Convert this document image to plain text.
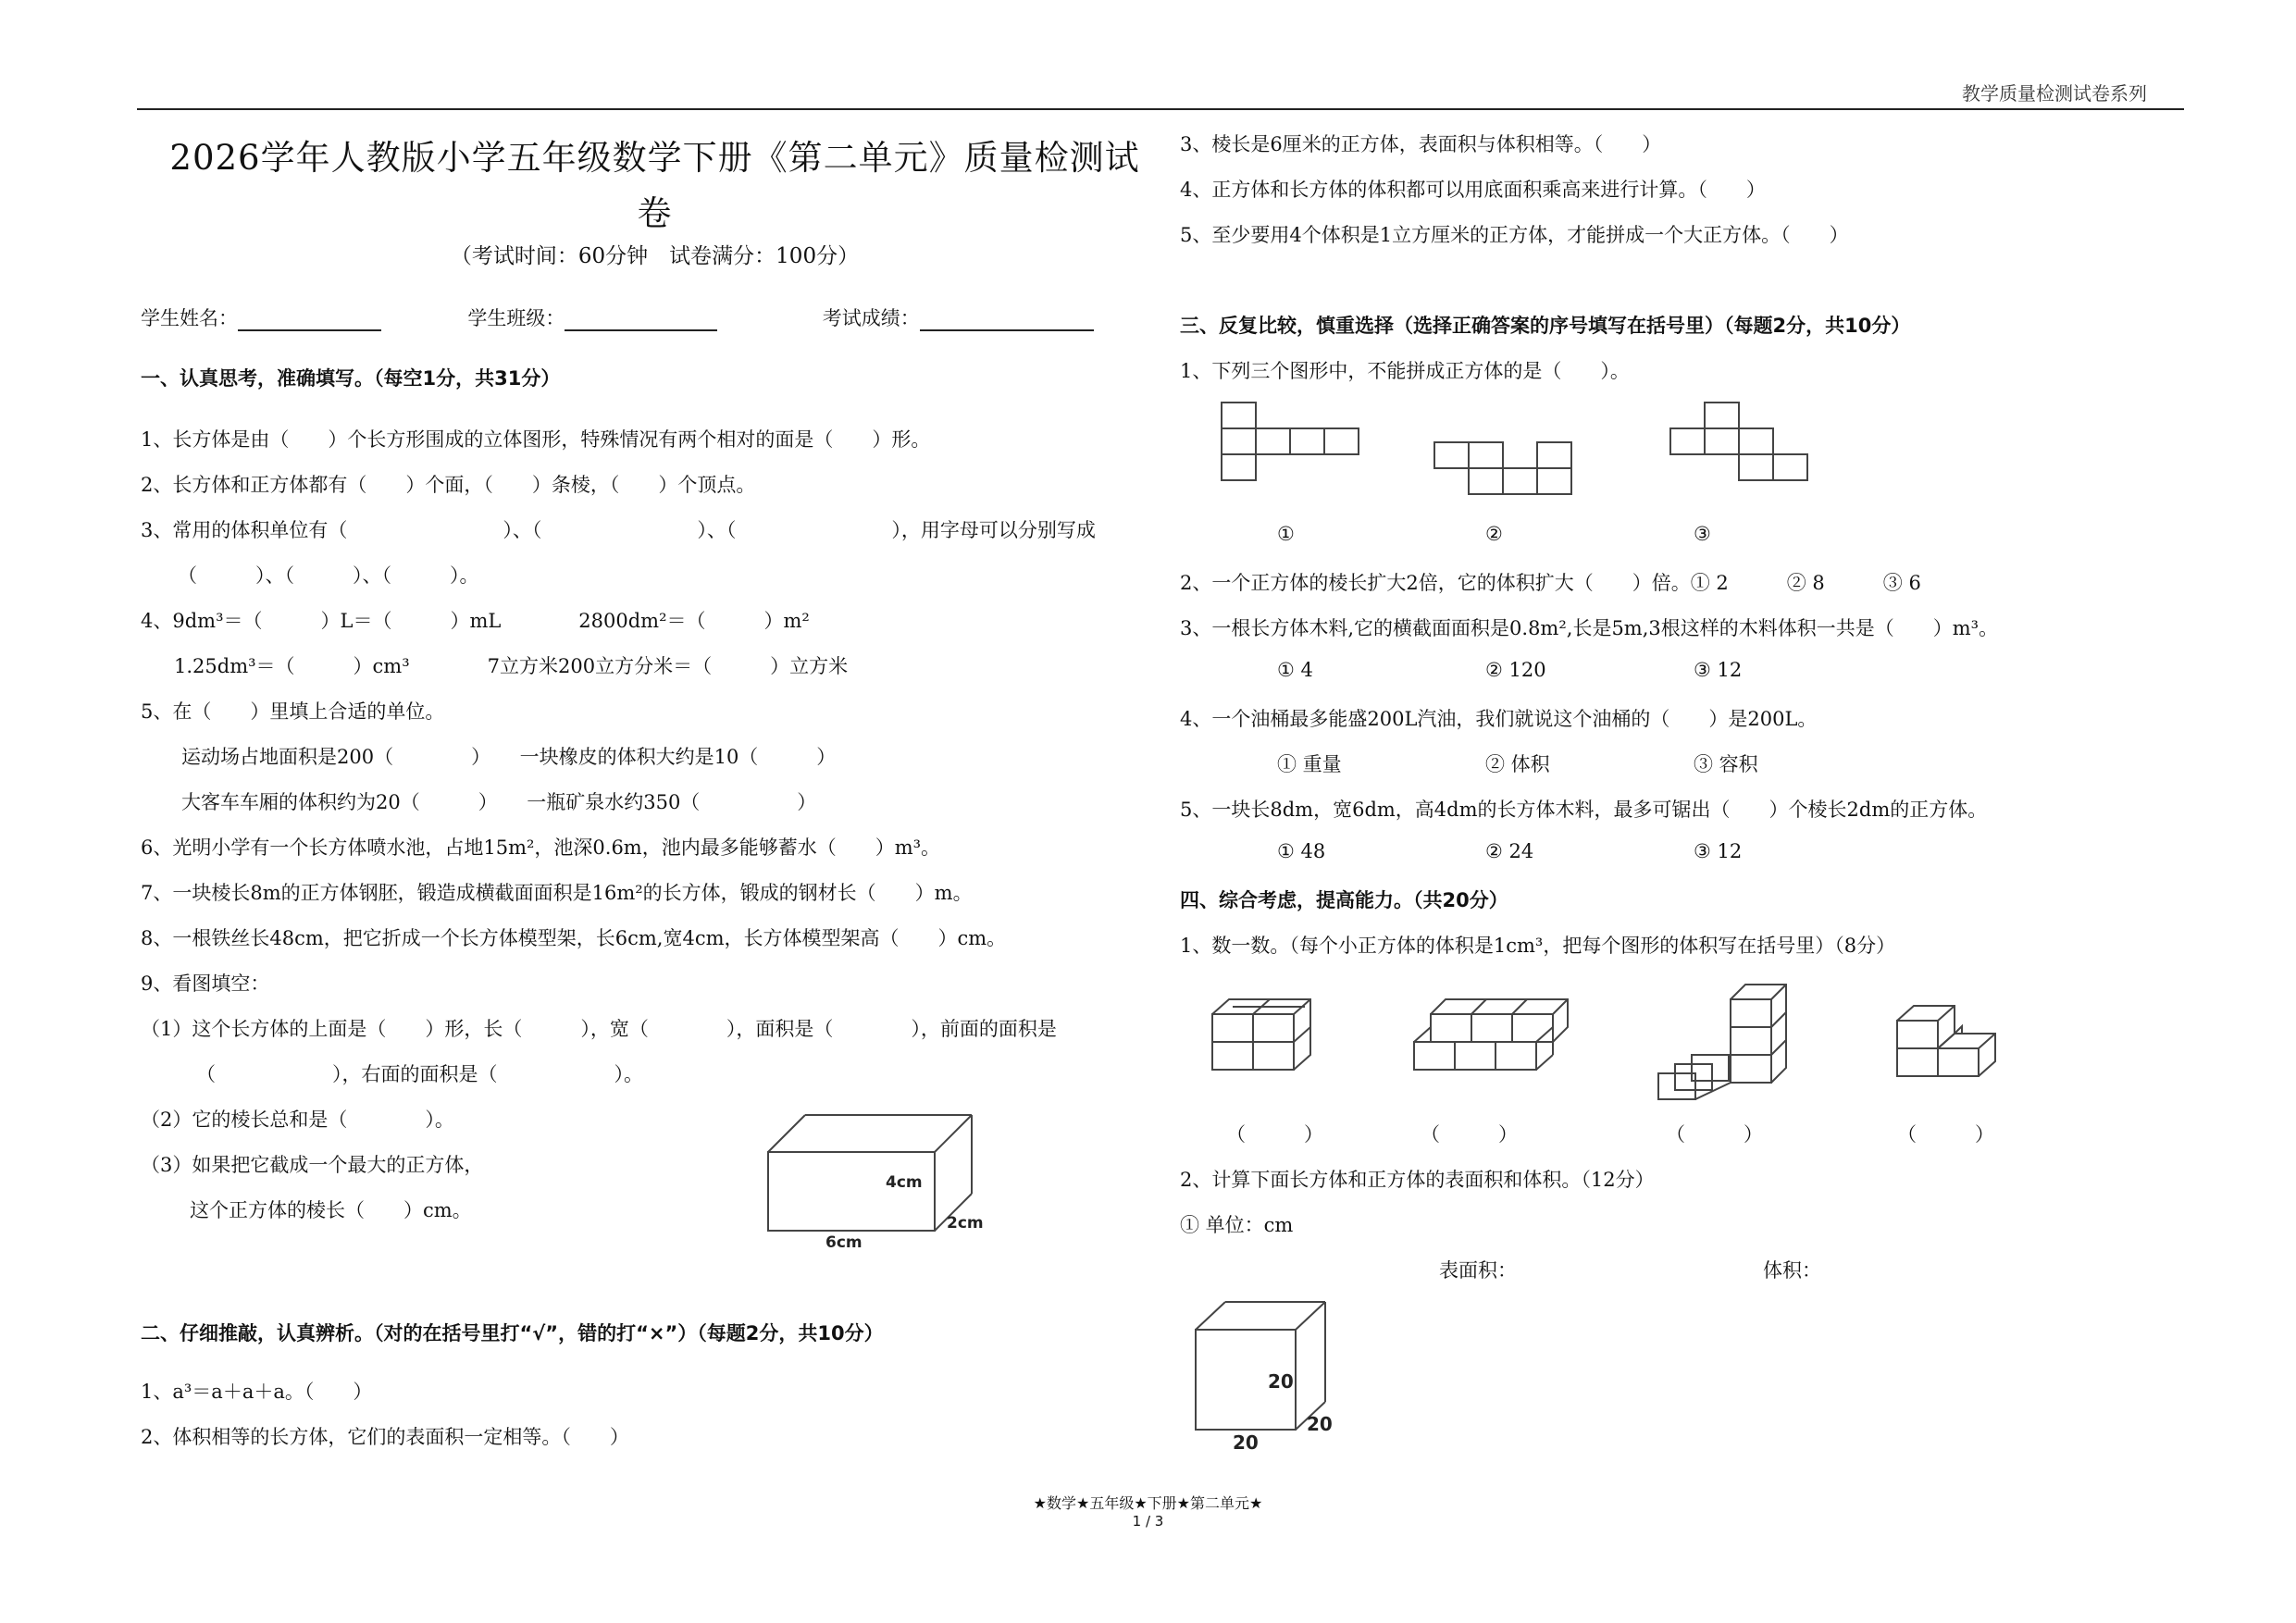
教学质量检测试卷系列
2026学年人教版小学五年级数学下册《第二单元》质量检测试
卷
（考试时间：60分钟　试卷满分：100分）
学生姓名：	学生班级：	考试成绩：
一、认真思考，准确填写。（每空1分，共31分）
1、长方体是由（　　）个长方形围成的立体图形，特殊情况有两个相对的面是（　　）形。
2、长方体和正方体都有（　　）个面，（　　）条棱，（　　）个顶点。
3、常用的体积单位有（　　　　　　　　）、（　　　　　　　　）、（　　　　　　　　），用字母可以分别写成
（　　　）、（　　　）、（　　　）。
4、9dm³＝（　　　）L＝（　　　）mL　　　　2800dm²＝（　　　）m²
1.25dm³＝（　　　）cm³　　　　7立方米200立方分米＝（　　　）立方米
5、在（　　）里填上合适的单位。
运动场占地面积是200（　　　　）　　一块橡皮的体积大约是10（　　　）
大客车车厢的体积约为20（　　　）　　一瓶矿泉水约350（　　　　　）
6、光明小学有一个长方体喷水池，占地15m²，池深0.6m，池内最多能够蓄水（　　）m³。
7、一块棱长8m的正方体钢胚，锻造成横截面面积是16m²的长方体，锻成的钢材长（　　）m。
8、一根铁丝长48cm，把它折成一个长方体模型架，长6cm,宽4cm，长方体模型架高（　　）cm。
9、看图填空：
（1）这个长方体的上面是（　　）形，长（　　　），宽（　　　　），面积是（　　　　），前面的面积是
（　　　　　　），右面的面积是（　　　　　　）。
（2）它的棱长总和是（　　　　）。
（3）如果把它截成一个最大的正方体，
这个正方体的棱长（　　）cm。
4cm
2cm
6cm
二、仔细推敲，认真辨析。（对的在括号里打“√”，错的打“×”）（每题2分，共10分）
1、a³＝a＋a＋a。（　　）
2、体积相等的长方体，它们的表面积一定相等。（　　）
3、棱长是6厘米的正方体，表面积与体积相等。（　　）
4、正方体和长方体的体积都可以用底面积乘高来进行计算。（　　）
5、至少要用4个体积是1立方厘米的正方体，才能拼成一个大正方体。（　　）
三、反复比较，慎重选择（选择正确答案的序号填写在括号里）（每题2分，共10分）
1、下列三个图形中，不能拼成正方体的是（　　）。
①	②	③
2、一个正方体的棱长扩大2倍，它的体积扩大（　　）倍。① 2　　　② 8　　　③ 6
3、一根长方体木料,它的横截面面积是0.8m²,长是5m,3根这样的木料体积一共是（　　）m³。
① 4	② 120	③ 12
4、一个油桶最多能盛200L汽油，我们就说这个油桶的（　　）是200L。
① 重量	② 体积	③ 容积
5、一块长8dm，宽6dm，高4dm的长方体木料，最多可锯出（　　）个棱长2dm的正方体。
① 48	② 24	③ 12
四、综合考虑，提高能力。（共20分）
1、数一数。（每个小正方体的体积是1cm³，把每个图形的体积写在括号里）（8分）
（　　　）	（　　　）	（　　　）	（　　　）
2、计算下面长方体和正方体的表面积和体积。（12分）
① 单位：cm
表面积：	体积：
20
20
20
★数学★五年级★下册★第二单元★
1 / 3
